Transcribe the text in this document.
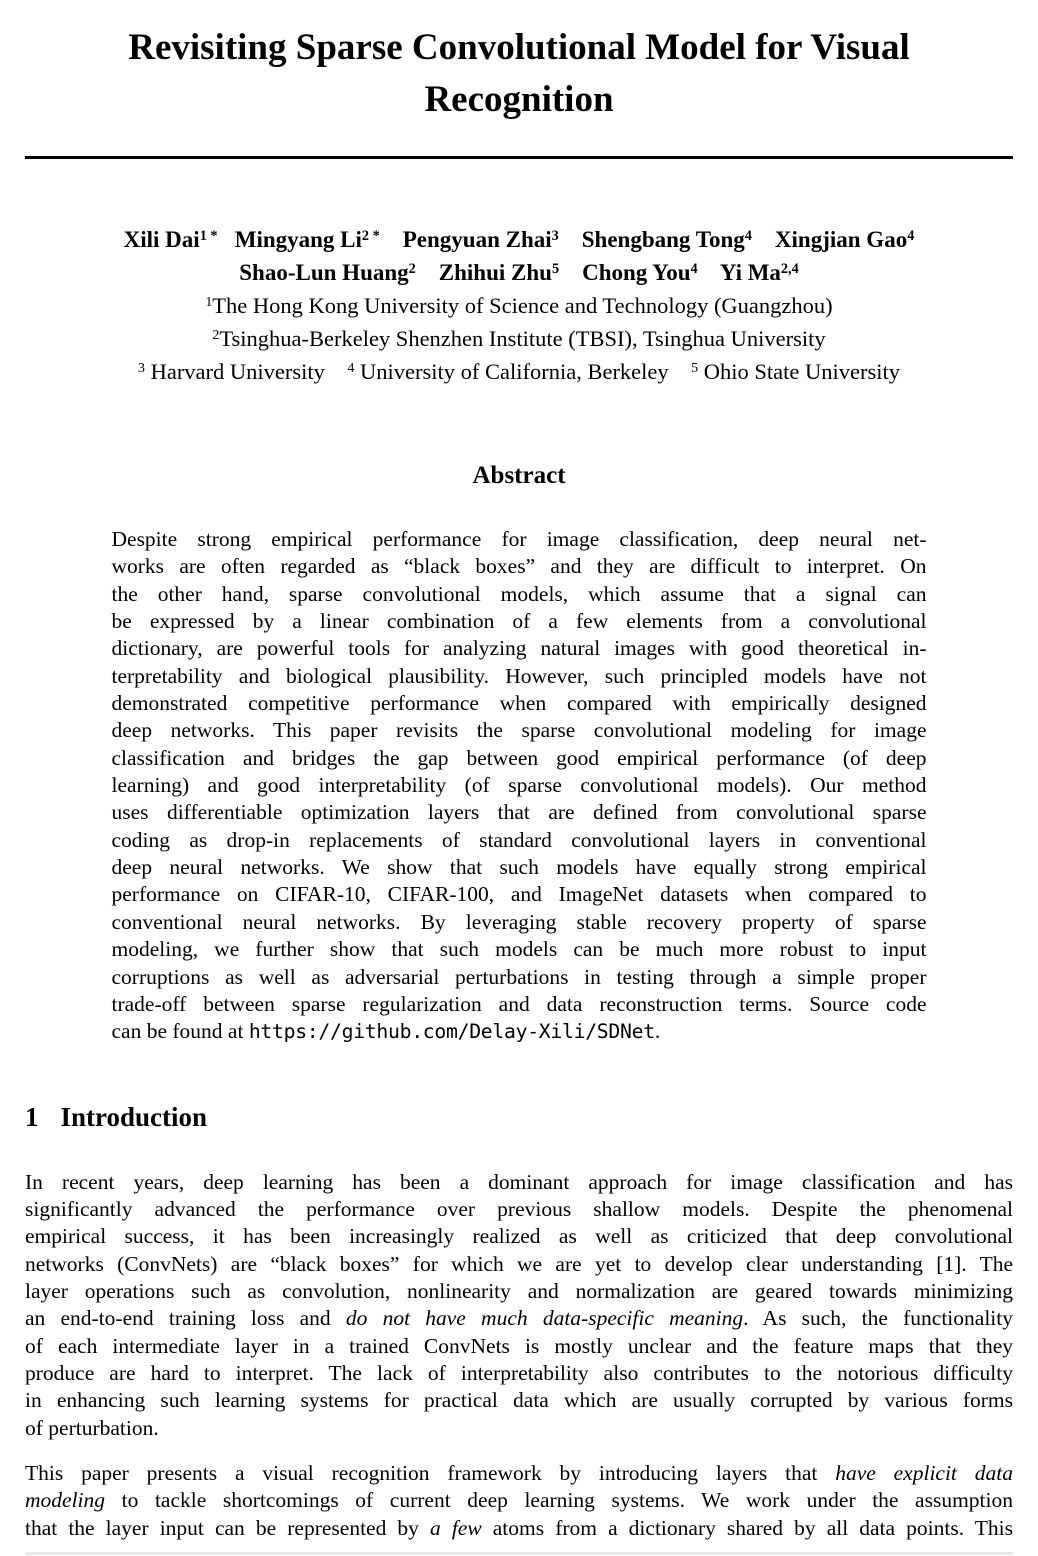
Revisiting Sparse Convolutional Model for Visual
Recognition
Xili Dai$^{1 *}$ Mingyang $Li^{2 *}$ Pengyuan Zhai$^3$ Shengbang Tong$^4$ Xingjian Gao$^4$
Shao-Lun Huang$^2$ Zhihui Zhu$^5$ Chong You$^4$ Yi Ma$^{2,4}$
$^1$The Hong Kong University of Science and Technology (Guangzhou)
$^2$Tsinghua-Berkeley Shenzhen Institute (TBSI), Tsinghua University
$^3$ Harvard University    $^4$ University of California, Berkeley    $^5$ Ohio State University
Abstract
Despite strong empirical performance for image classification, deep neural net-
works are often regarded as “black boxes” and they are difficult to interpret. On
the other hand, sparse convolutional models, which assume that a signal can
be expressed by a linear combination of a few elements from a convolutional
dictionary, are powerful tools for analyzing natural images with good theoretical in-
terpretability and biological plausibility. However, such principled models have not
demonstrated competitive performance when compared with empirically designed
deep networks. This paper revisits the sparse convolutional modeling for image
classification and bridges the gap between good empirical performance (of deep
learning) and good interpretability (of sparse convolutional models). Our method
uses differentiable optimization layers that are defined from convolutional sparse
coding as drop-in replacements of standard convolutional layers in conventional
deep neural networks. We show that such models have equally strong empirical
performance on CIFAR-10, CIFAR-100, and ImageNet datasets when compared to
conventional neural networks. By leveraging stable recovery property of sparse
modeling, we further show that such models can be much more robust to input
corruptions as well as adversarial perturbations in testing through a simple proper
trade-off between sparse regularization and data reconstruction terms. Source code
can be found at https://github.com/Delay-Xili/SDNet.
1 Introduction
In recent years, deep learning has been a dominant approach for image classification and has
significantly advanced the performance over previous shallow models. Despite the phenomenal
empirical success, it has been increasingly realized as well as criticized that deep convolutional
networks (ConvNets) are “black boxes” for which we are yet to develop clear understanding [1]. The
layer operations such as convolution, nonlinearity and normalization are geared towards minimizing
an end-to-end training loss and do not have much data-specific meaning. As such, the functionality
of each intermediate layer in a trained ConvNets is mostly unclear and the feature maps that they
produce are hard to interpret. The lack of interpretability also contributes to the notorious difficulty
in enhancing such learning systems for practical data which are usually corrupted by various forms
of perturbation.
This paper presents a visual recognition framework by introducing layers that have explicit data
modeling to tackle shortcomings of current deep learning systems. We work under the assumption
that the layer input can be represented by a few atoms from a dictionary shared by all data points. This
